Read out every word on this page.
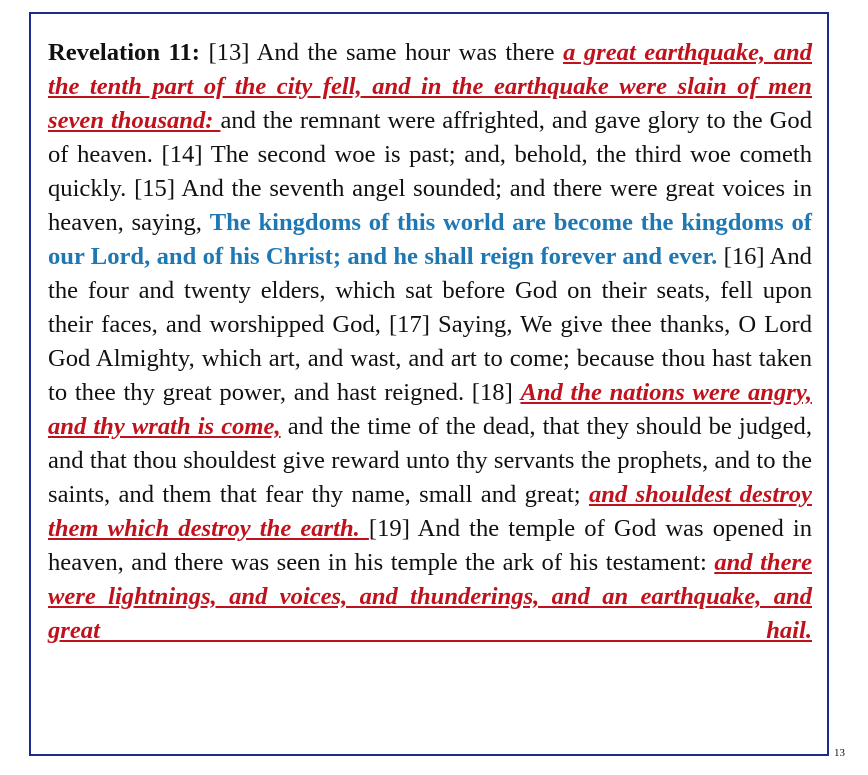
Revelation 11: [13] And the same hour was there a great earthquake, and the tenth part of the city fell, and in the earthquake were slain of men seven thousand: and the remnant were affrighted, and gave glory to the God of heaven. [14] The second woe is past; and, behold, the third woe cometh quickly. [15] And the seventh angel sounded; and there were great voices in heaven, saying, The kingdoms of this world are become the kingdoms of our Lord, and of his Christ; and he shall reign forever and ever. [16] And the four and twenty elders, which sat before God on their seats, fell upon their faces, and worshipped God, [17] Saying, We give thee thanks, O Lord God Almighty, which art, and wast, and art to come; because thou hast taken to thee thy great power, and hast reigned. [18] And the nations were angry, and thy wrath is come, and the time of the dead, that they should be judged, and that thou shouldest give reward unto thy servants the prophets, and to the saints, and them that fear thy name, small and great; and shouldest destroy them which destroy the earth. [19] And the temple of God was opened in heaven, and there was seen in his temple the ark of his testament: and there were lightnings, and voices, and thunderings, and an earthquake, and great hail.

13
